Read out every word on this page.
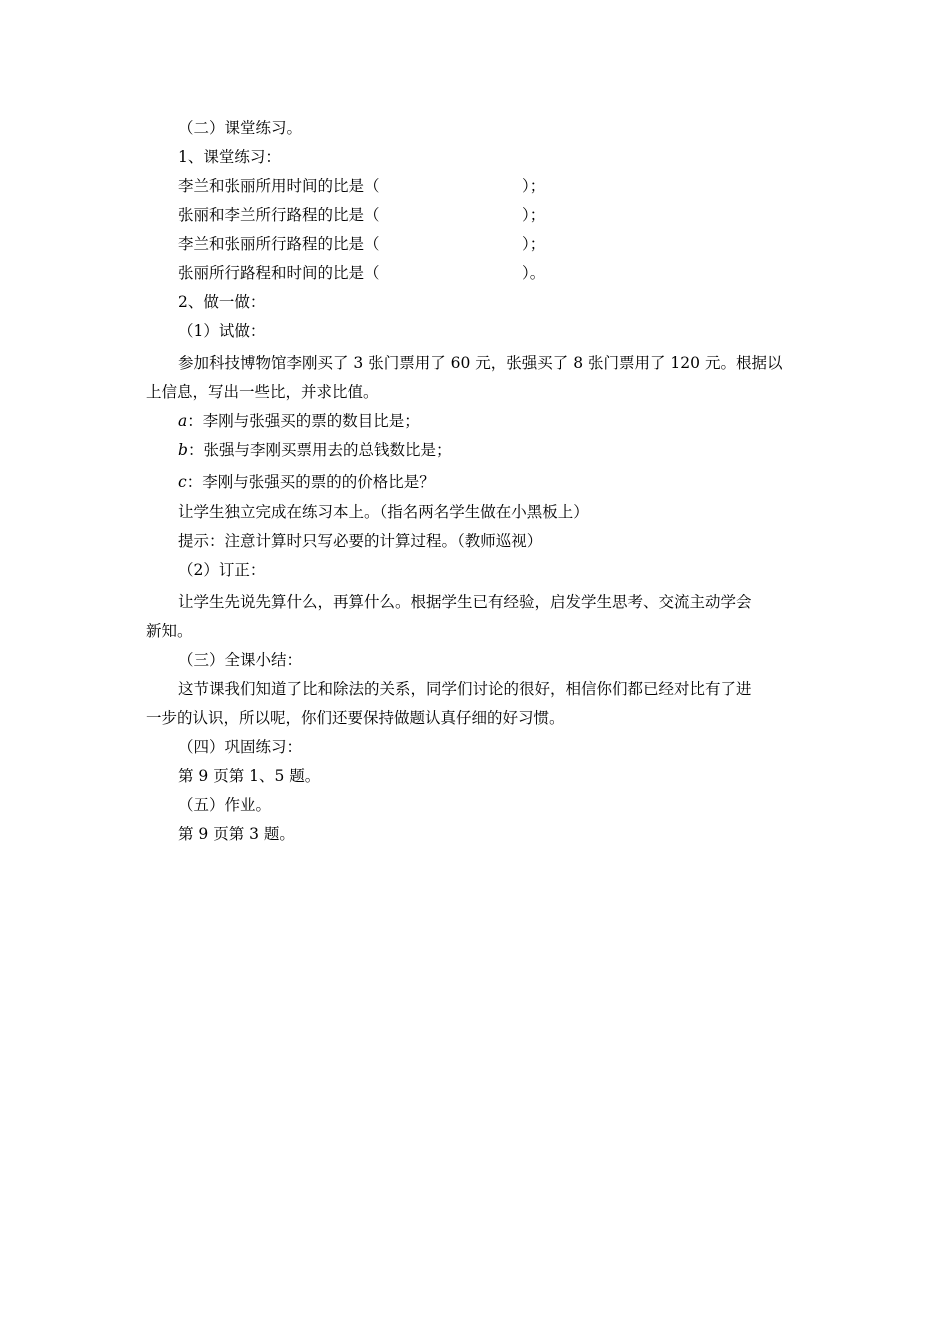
（二）课堂练习。
1、课堂练习：
李兰和张丽所用时间的比是（	）；
张丽和李兰所行路程的比是（	）；
李兰和张丽所行路程的比是（	）；
张丽所行路程和时间的比是（	）。
2、做一做：
（1）试做：
参加科技博物馆李刚买了 3 张门票用了 60 元，张强买了 8 张门票用了 120 元。根据以
上信息，写出一些比，并求比值。
a：李刚与张强买的票的数目比是；
b：张强与李刚买票用去的总钱数比是；
c：李刚与张强买的票的的价格比是？
让学生独立完成在练习本上。（指名两名学生做在小黑板上）
提示：注意计算时只写必要的计算过程。（教师巡视）
（2）订正：
让学生先说先算什么，再算什么。根据学生已有经验，启发学生思考、交流主动学会
新知。
（三）全课小结：
这节课我们知道了比和除法的关系，同学们讨论的很好，相信你们都已经对比有了进
一步的认识，所以呢，你们还要保持做题认真仔细的好习惯。
（四）巩固练习：
第 9 页第 1、5 题。
（五）作业。
第 9 页第 3 题。
